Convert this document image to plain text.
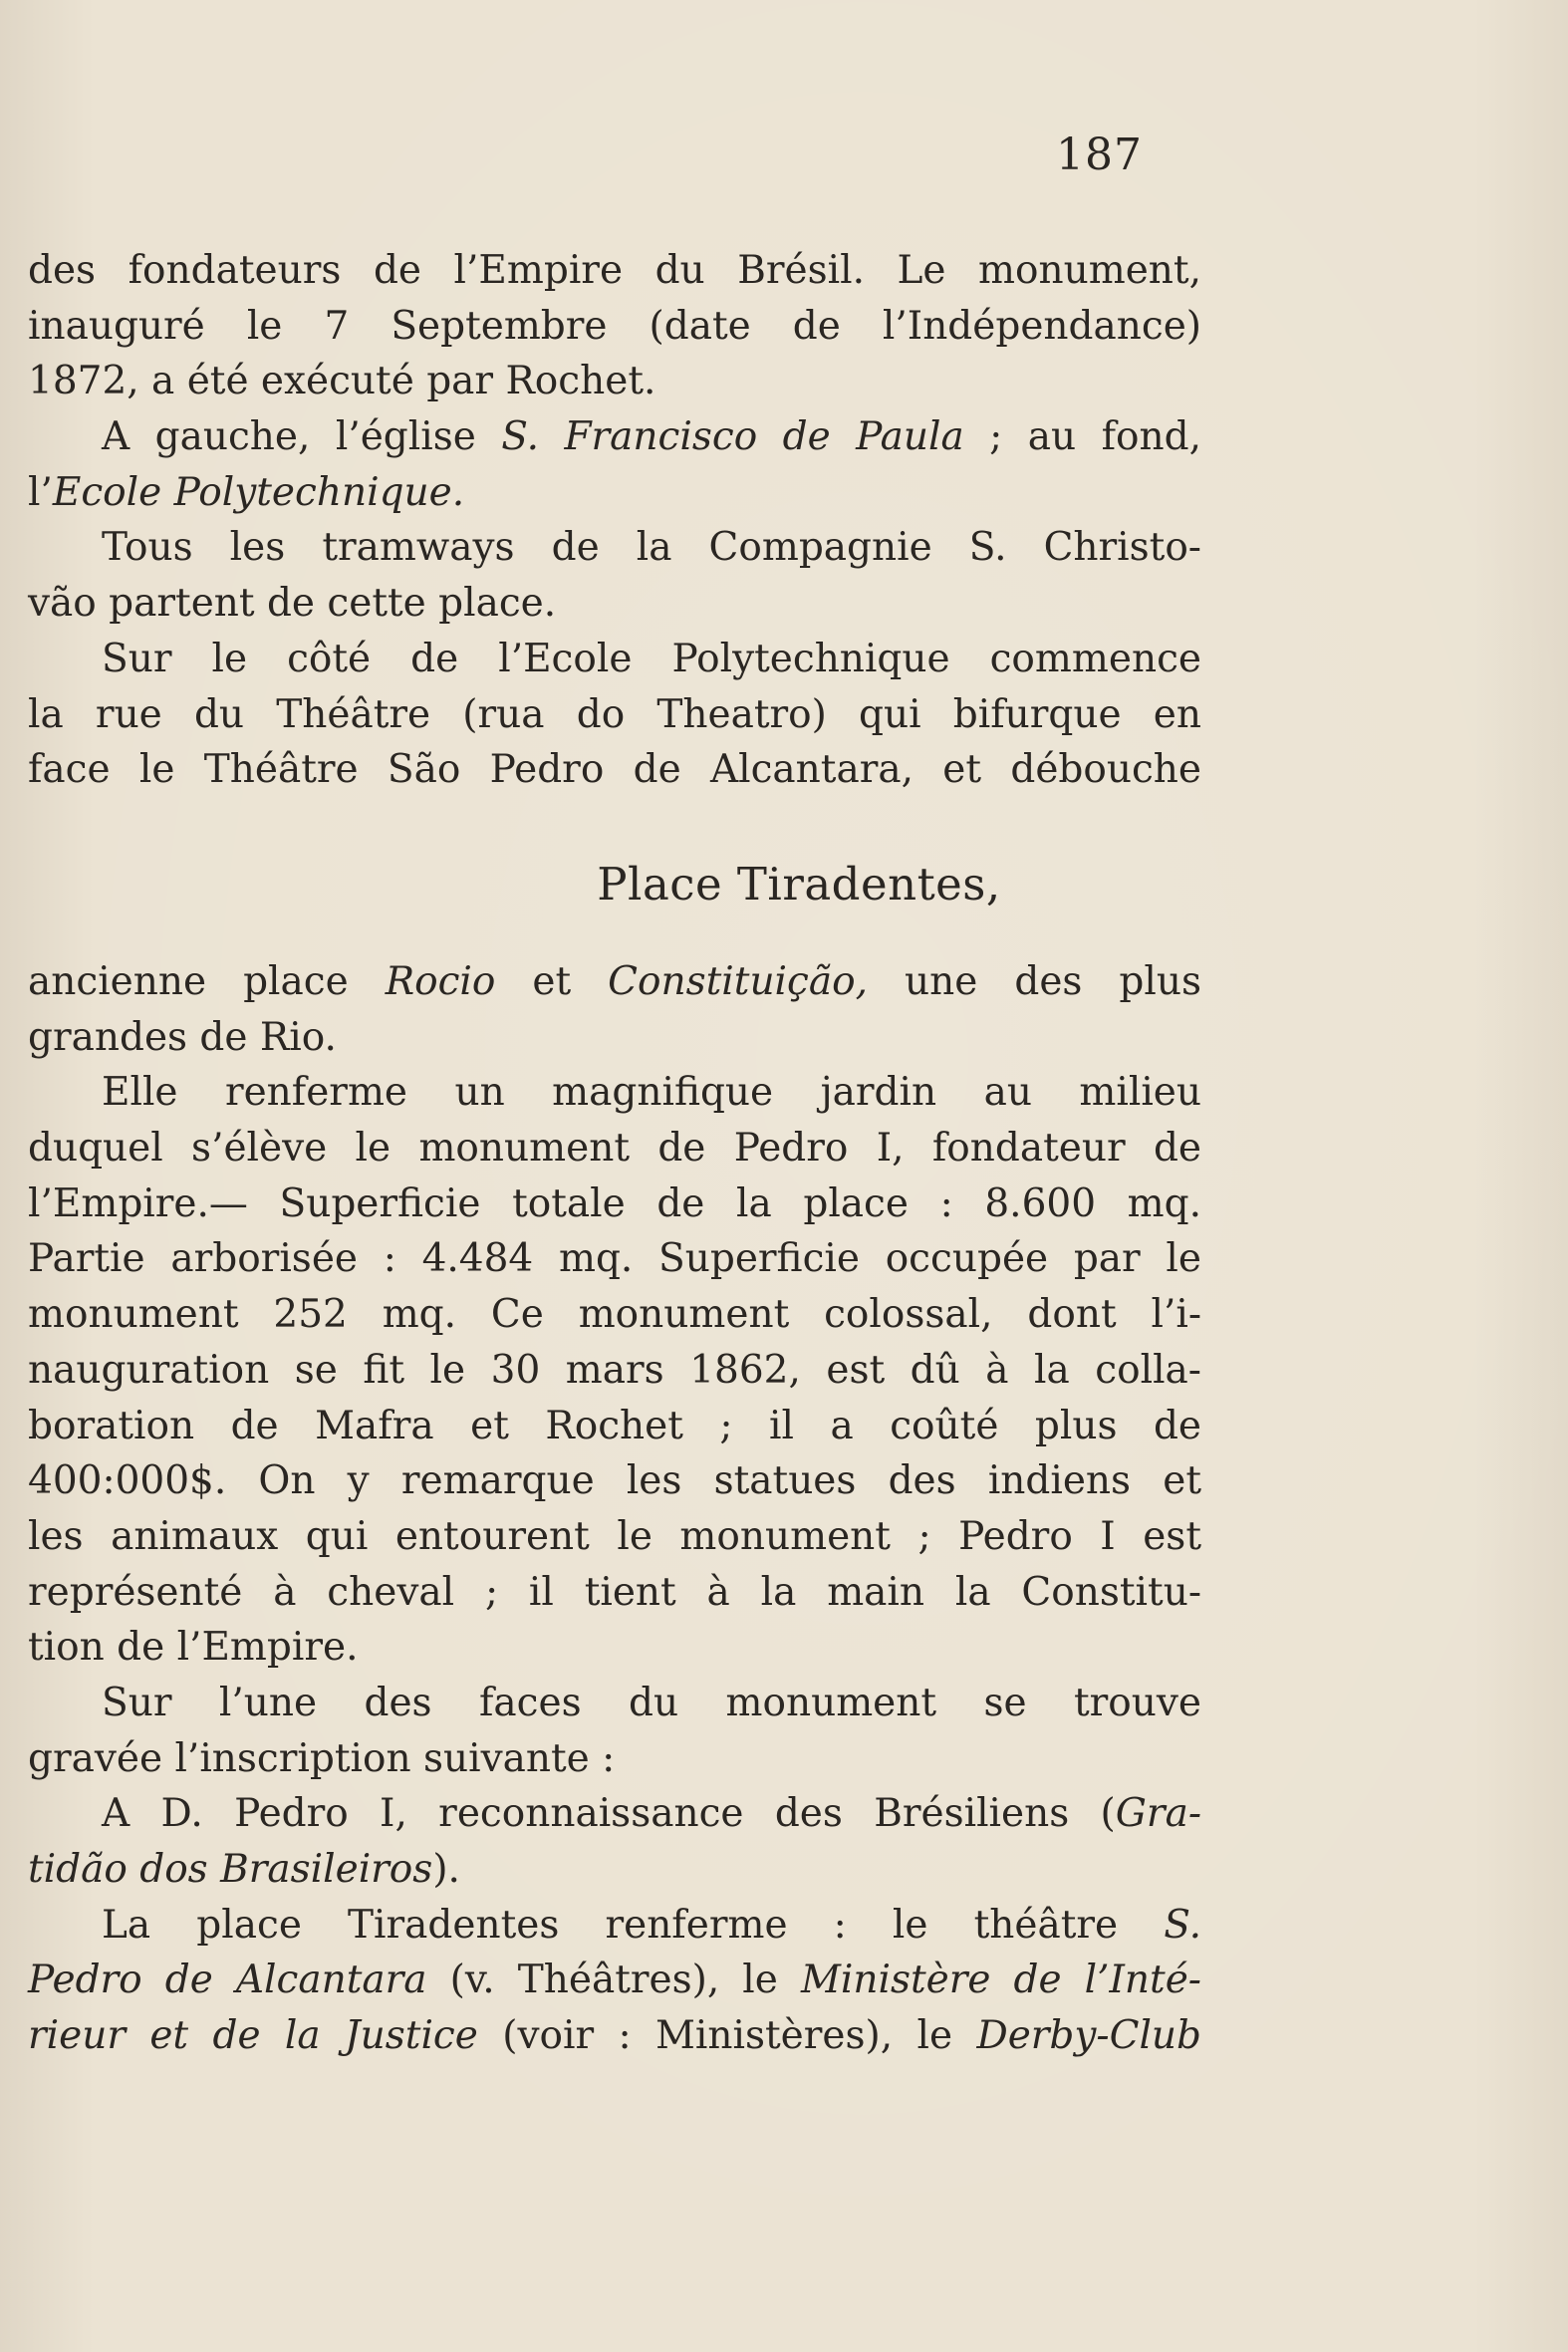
187
des fondateurs de l’Empire du Brésil. Le monument,
inauguré le 7 Septembre (date de l’Indépendance)
1872, a été exécuté par Rochet.
A gauche, l’église S. Francisco de Paula ; au fond,
l’Ecole Polytechnique.
Tous les tramways de la Compagnie S. Christo-
vão partent de cette place.
Sur le côté de l’Ecole Polytechnique commence
la rue du Théâtre (rua do Theatro) qui bifurque en
face le Théâtre São Pedro de Alcantara, et débouche
Place Tiradentes,
ancienne place Rocio et Constituição, une des plus
grandes de Rio.
Elle renferme un magnifique jardin au milieu
duquel s’élève le monument de Pedro I, fondateur de
l’Empire.— Superficie totale de la place : 8.600 mq.
Partie arborisée : 4.484 mq. Superficie occupée par le
monument 252 mq. Ce monument colossal, dont l’i-
nauguration se fit le 30 mars 1862, est dû à la colla-
boration de Mafra et Rochet ; il a coûté plus de
400:000$. On y remarque les statues des indiens et
les animaux qui entourent le monument ; Pedro I est
représenté à cheval ; il tient à la main la Constitu-
tion de l’Empire.
Sur l’une des faces du monument se trouve
gravée l’inscription suivante :
A D. Pedro I, reconnaissance des Brésiliens (Gra-
tidão dos Brasileiros).
La place Tiradentes renferme : le théâtre S.
Pedro de Alcantara (v. Théâtres), le Ministère de l’Inté-
rieur et de la Justice (voir : Ministères), le Derby-Club
